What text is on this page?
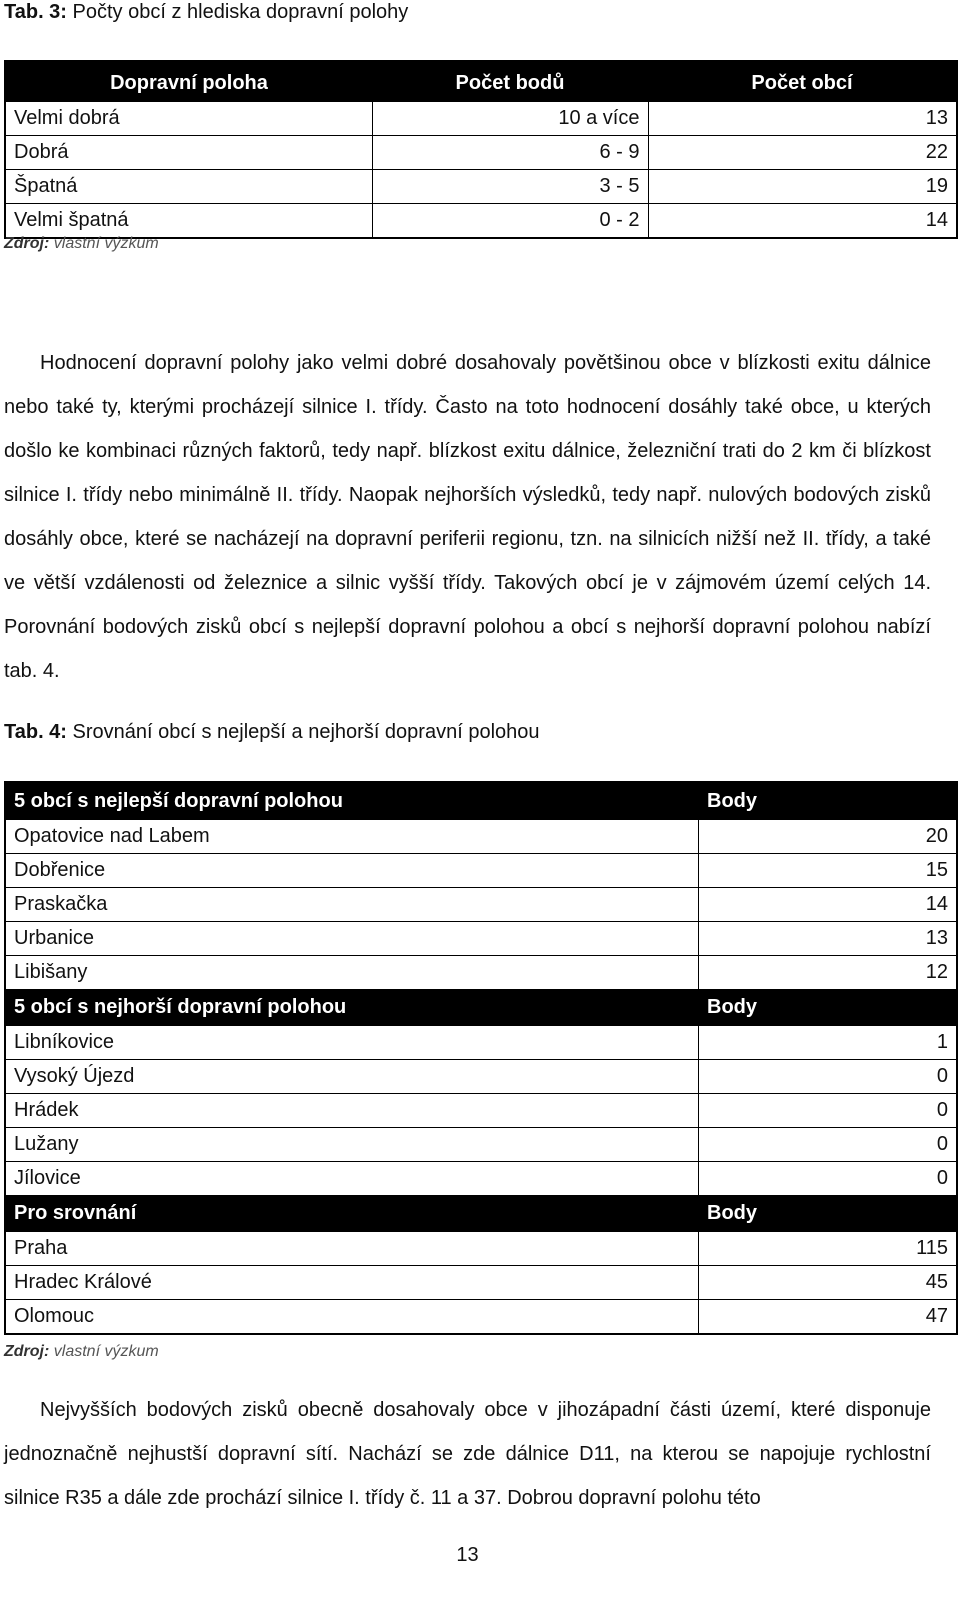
Tab. 3: Počty obcí z hlediska dopravní polohy
Dopravní poloha	Počet bodů	Počet obcí
Velmi dobrá	10 a více	13
Dobrá	6 - 9	22
Špatná	3 - 5	19
Velmi špatná	0 - 2	14
Zdroj: vlastní výzkum
Hodnocení dopravní polohy jako velmi dobré dosahovaly povětšinou obce v blízkosti exitu dálnice nebo také ty, kterými procházejí silnice I. třídy. Často na toto hodnocení dosáhly také obce, u kterých došlo ke kombinaci různých faktorů, tedy např. blízkost exitu dálnice, železniční trati do 2 km či blízkost silnice I. třídy nebo minimálně II. třídy. Naopak nejhorších výsledků, tedy např. nulových bodových zisků dosáhly obce, které se nacházejí na dopravní periferii regionu, tzn. na silnicích nižší než II. třídy, a také ve větší vzdálenosti od železnice a silnic vyšší třídy. Takových obcí je v zájmovém území celých 14. Porovnání bodových zisků obcí s nejlepší dopravní polohou a obcí s nejhorší dopravní polohou nabízí tab. 4.
Tab. 4: Srovnání obcí s nejlepší a nejhorší dopravní polohou
5 obcí s nejlepší dopravní polohou	Body
Opatovice nad Labem	20
Dobřenice	15
Praskačka	14
Urbanice	13
Libišany	12
5 obcí s nejhorší dopravní polohou	Body
Libníkovice	1
Vysoký Újezd	0
Hrádek	0
Lužany	0
Jílovice	0
Pro srovnání	Body
Praha	115
Hradec Králové	45
Olomouc	47
Zdroj: vlastní výzkum
Nejvyšších bodových zisků obecně dosahovaly obce v jihozápadní části území, které disponuje jednoznačně nejhustší dopravní sítí. Nachází se zde dálnice D11, na kterou se napojuje rychlostní silnice R35 a dále zde prochází silnice I. třídy č. 11 a 37. Dobrou dopravní polohu této
13
